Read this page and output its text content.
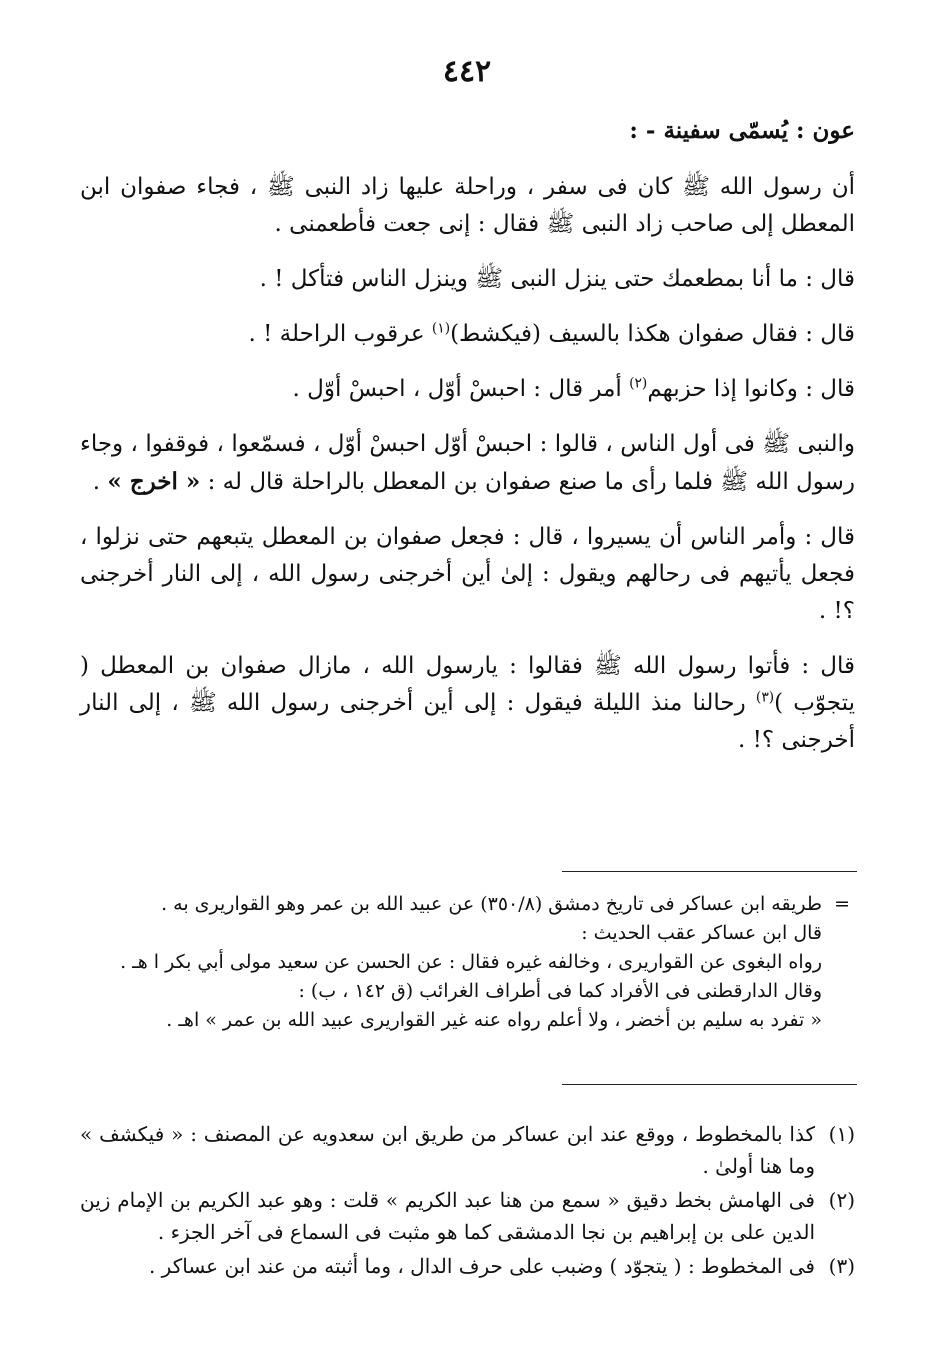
٤٤٢
عون : يُسمّى سفينة - :
أن رسول الله ﷺ كان فى سفر ، وراحلة عليها زاد النبى ﷺ ، فجاء صفوان ابن المعطل إلى صاحب زاد النبى ﷺ فقال : إنى جعت فأطعمنى .
قال : ما أنا بمطعمك حتى ينزل النبى ﷺ وينزل الناس فتأكل ! .
قال : فقال صفوان هكذا بالسيف (فيكشط)$^{(١)}$ عرقوب الراحلة ! .
قال : وكانوا إذا حزبهم$^{(٢)}$ أمر قال : احبسْ أوّل ، احبسْ أوّل .
والنبى ﷺ فى أول الناس ، قالوا : احبسْ أوّل احبسْ أوّل ، فسمّعوا ، فوقفوا ، وجاء رسول الله ﷺ فلما رأى ما صنع صفوان بن المعطل بالراحلة قال له : « اخرج » .
قال : وأمر الناس أن يسيروا ، قال : فجعل صفوان بن المعطل يتبعهم حتى نزلوا ، فجعل يأتيهم فى رحالهم ويقول : إلىٰ أين أخرجنى رسول الله ، إلى النار أخرجنى ؟! .
قال : فأتوا رسول الله ﷺ فقالوا : يارسول الله ، مازال صفوان بن المعطل ( يتجوّب )$^{(٣)}$ رحالنا منذ الليلة فيقول : إلى أين أخرجنى رسول الله ﷺ ، إلى النار أخرجنى ؟! .
=
طريقه ابن عساكر فى تاريخ دمشق (٣٥٠/٨) عن عبيد الله بن عمر وهو القواريرى به .
قال ابن عساكر عقب الحديث :
رواه البغوى عن القواريرى ، وخالفه غيره فقال : عن الحسن عن سعيد مولى أبي بكر ا هـ .
وقال الدارقطنى فى الأفراد كما فى أطراف الغرائب (ق ١٤٢ ، ب) :
« تفرد به سليم بن أخضر ، ولا أعلم رواه عنه غير القواريرى عبيد الله بن عمر » اهـ .
(١)
كذا بالمخطوط ، ووقع عند ابن عساكر من طريق ابن سعدويه عن المصنف : « فيكشف » وما هنا أولىٰ .
(٢)
فى الهامش بخط دقيق « سمع من هنا عبد الكريم » قلت : وهو عبد الكريم بن الإمام زين الدين على بن إبراهيم بن نجا الدمشقى كما هو مثبت فى السماع فى آخر الجزء .
(٣)
فى المخطوط : ( يتجوّد ) وضبب على حرف الدال ، وما أثبته من عند ابن عساكر .
